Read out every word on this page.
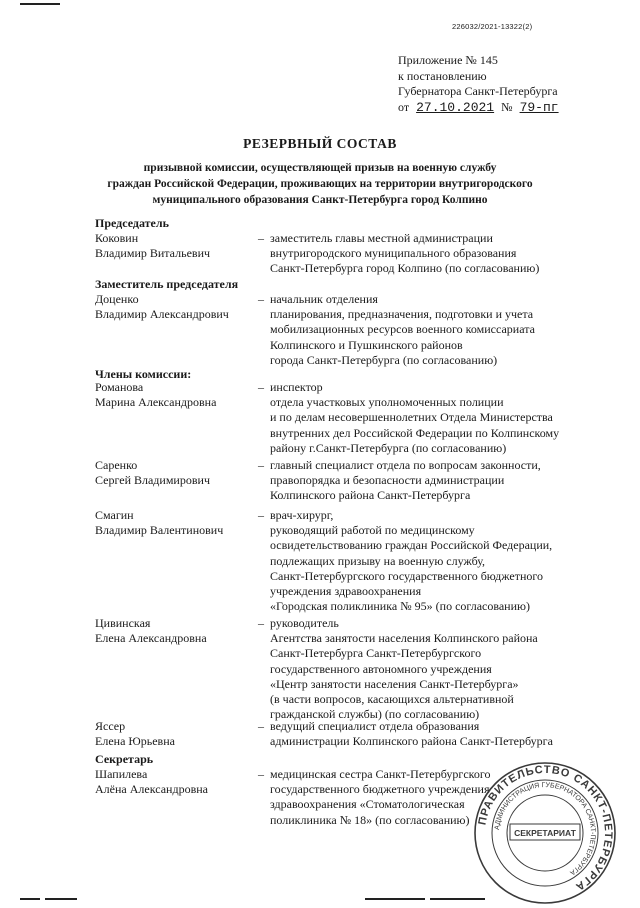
226032/2021-13322(2)
Приложение № 145
к постановлению
Губернатора Санкт-Петербурга
от 27.10.2021 № 79-пг
РЕЗЕРВНЫЙ СОСТАВ
призывной комиссии, осуществляющей призыв на военную службу
граждан Российской Федерации, проживающих на территории внутригородского
муниципального образования Санкт-Петербурга город Колпино
Председатель
Заместитель председателя
Члены комиссии:
Секретарь
Коковин
Владимир Витальевич
– заместитель главы местной администрации
внутригородского муниципального образования
Санкт-Петербурга город Колпино (по согласованию)
Доценко
Владимир Александрович
– начальник отделения
планирования, предназначения, подготовки и учета
мобилизационных ресурсов военного комиссариата
Колпинского и Пушкинского районов
города Санкт-Петербурга (по согласованию)
Романова
Марина Александровна
– инспектор
отдела участковых уполномоченных полиции
и по делам несовершеннолетних Отдела Министерства
внутренних дел Российской Федерации по Колпинскому
району г.Санкт-Петербурга (по согласованию)
Саренко
Сергей Владимирович
– главный специалист отдела по вопросам законности,
правопорядка и безопасности администрации
Колпинского района Санкт-Петербурга
Смагин
Владимир Валентинович
– врач-хирург,
руководящий работой по медицинскому
освидетельствованию граждан Российской Федерации,
подлежащих призыву на военную службу,
Санкт-Петербургского государственного бюджетного
учреждения здравоохранения
«Городская поликлиника № 95» (по согласованию)
Цивинская
Елена Александровна
– руководитель
Агентства занятости населения Колпинского района
Санкт-Петербурга Санкт-Петербургского
государственного автономного учреждения
«Центр занятости населения Санкт-Петербурга»
(в части вопросов, касающихся альтернативной
гражданской службы) (по согласованию)
Яссер
Елена Юрьевна
– ведущий специалист отдела образования
администрации Колпинского района Санкт-Петербурга
Шапилева
Алёна Александровна
– медицинская сестра Санкт-Петербургского
государственного бюджетного учреждения
здравоохранения «Стоматологическая
поликлиника № 18» (по согласованию) ПРАВИТЕЛЬСТВО САНКТ-ПЕТЕРБУРГА
АДМИНИСТРАЦИЯ ГУБЕРНАТОРА САНКТ-ПЕТЕРБУРГА
СЕКРЕТАРИАТ
